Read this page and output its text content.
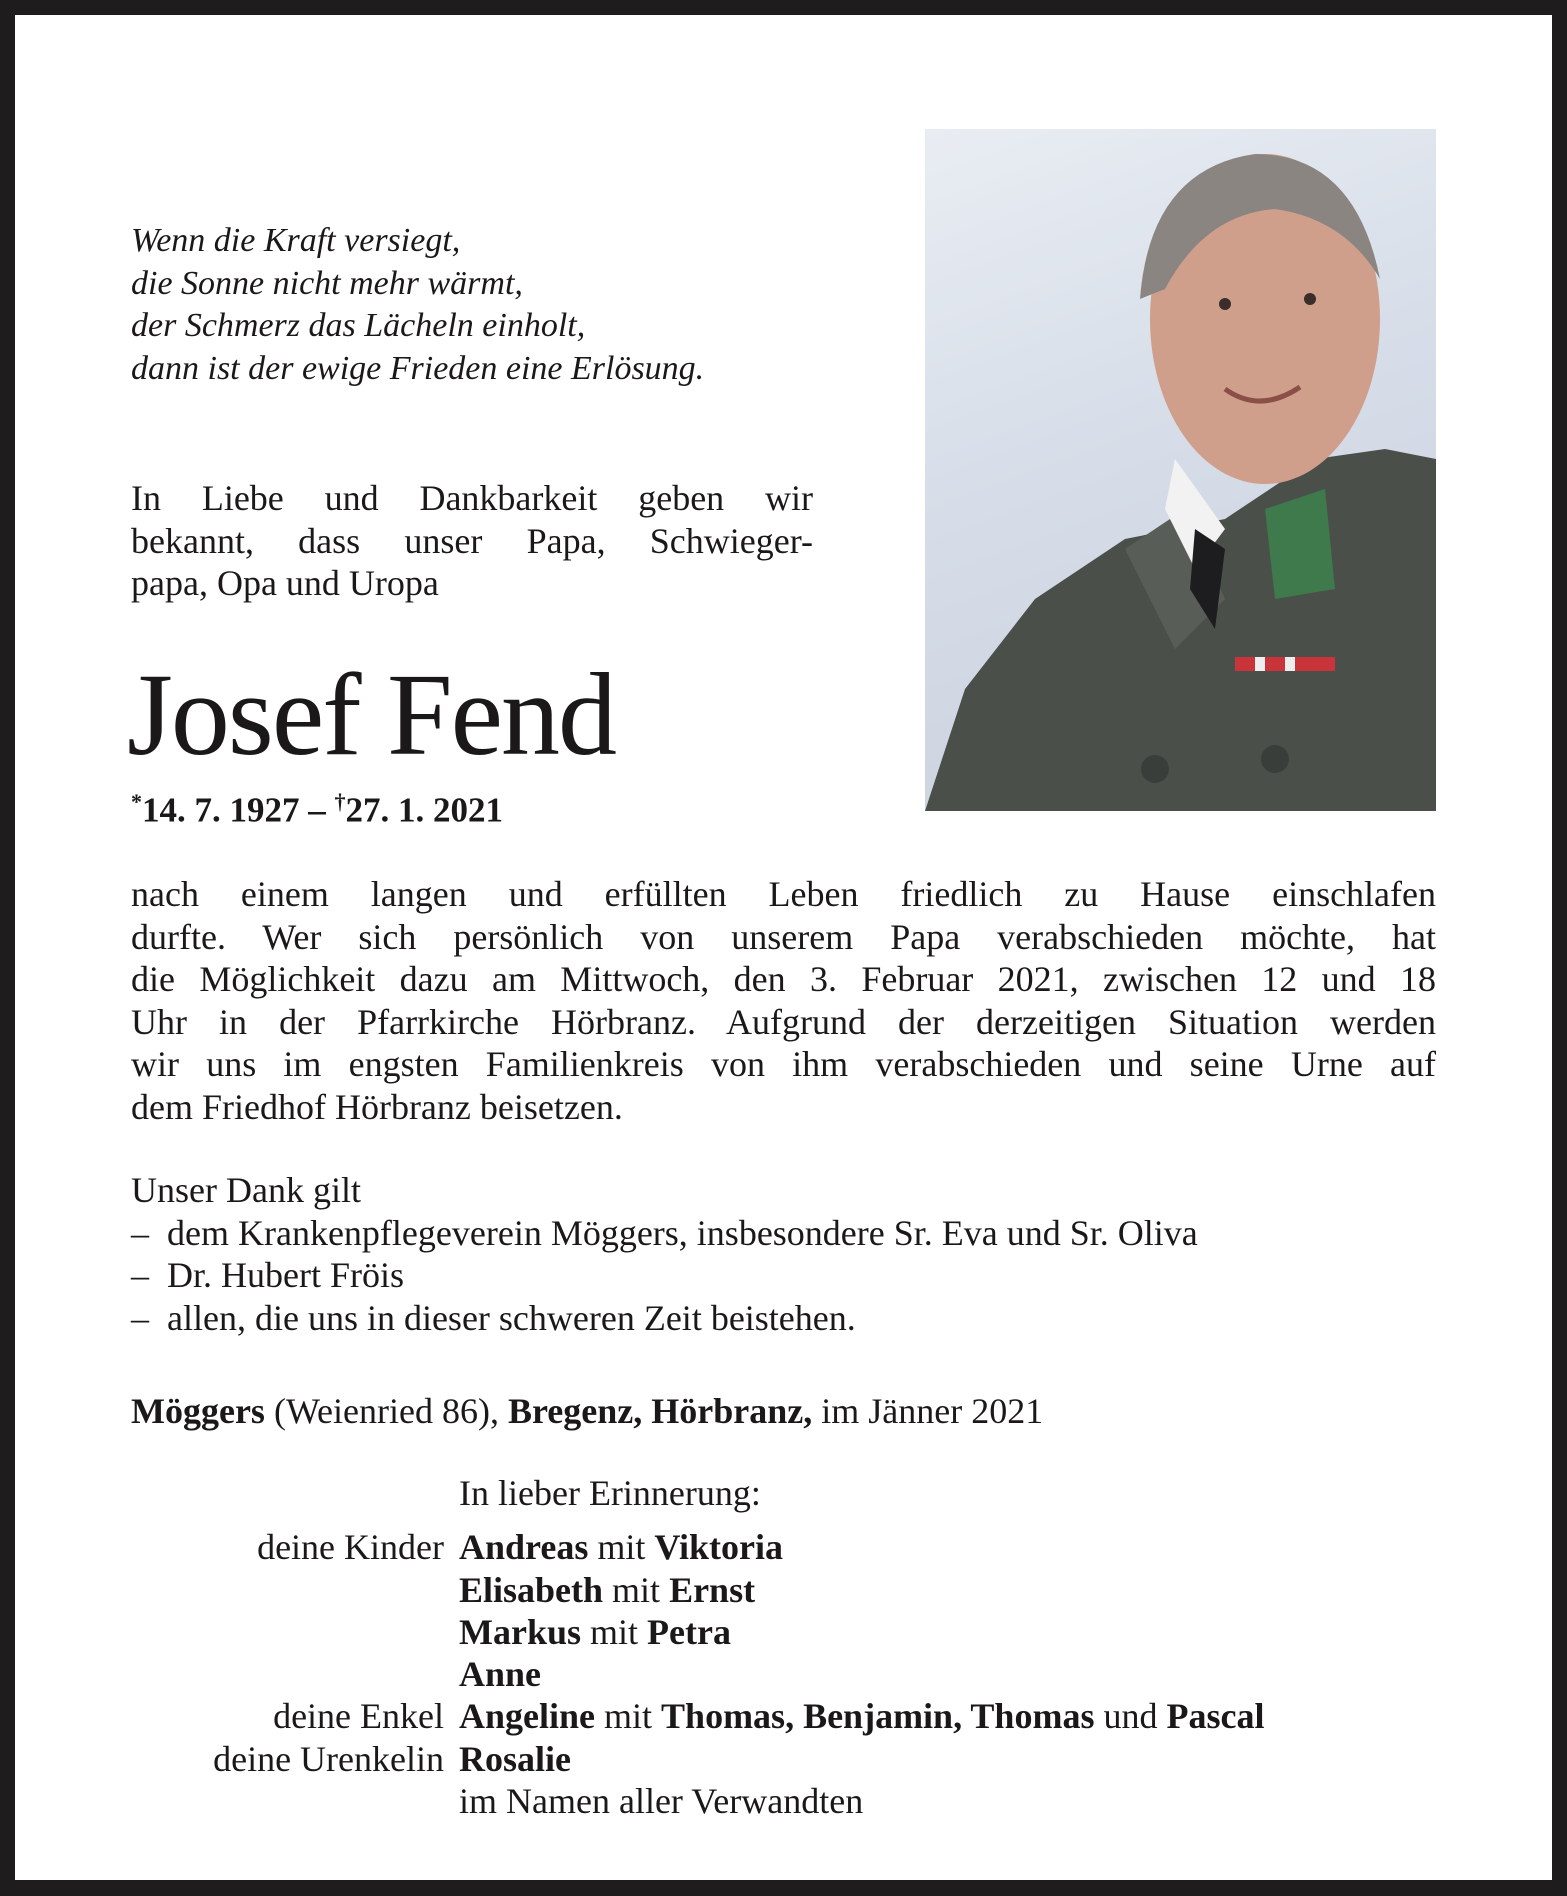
Wenn die Kraft versiegt,
die Sonne nicht mehr wärmt,
der Schmerz das Lächeln einholt,
dann ist der ewige Frieden eine Erlösung.
In Liebe und Dankbarkeit geben wir
bekannt, dass unser Papa, Schwieger-
papa, Opa und Uropa
Josef Fend
*14. 7. 1927 – †27. 1. 2021
nach einem langen und erfüllten Leben friedlich zu Hause einschlafen
durfte. Wer sich persönlich von unserem Papa verabschieden möchte, hat
die Möglichkeit dazu am Mittwoch, den 3. Februar 2021, zwischen 12 und 18
Uhr in der Pfarrkirche Hörbranz. Aufgrund der derzeitigen Situation werden
wir uns im engsten Familienkreis von ihm verabschieden und seine Urne auf
dem Friedhof Hörbranz beisetzen.
Unser Dank gilt
– dem Krankenpflegeverein Möggers, insbesondere Sr. Eva und Sr. Oliva
– Dr. Hubert Fröis
– allen, die uns in dieser schweren Zeit beistehen.
Möggers (Weienried 86), Bregenz, Hörbranz, im Jänner 2021
In lieber Erinnerung:
deine Kinder Andreas mit Viktoria
Elisabeth mit Ernst
Markus mit Petra
Anne
deine Enkel Angeline mit Thomas, Benjamin, Thomas und Pascal
deine Urenkelin Rosalie
im Namen aller Verwandten
